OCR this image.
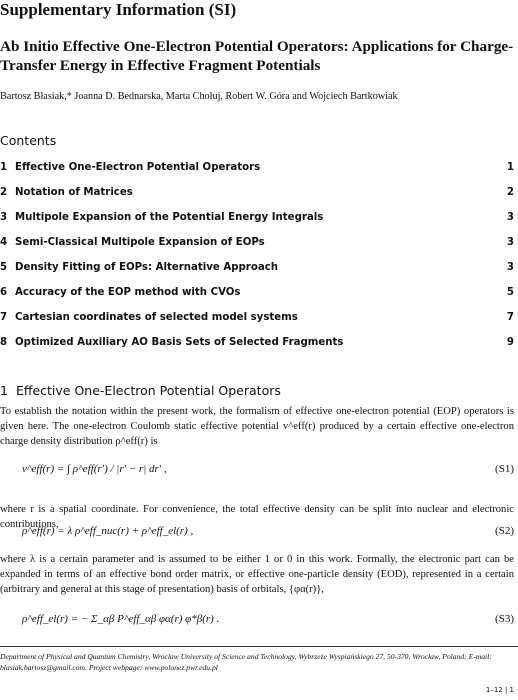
Supplementary Information (SI)
Ab Initio Effective One-Electron Potential Operators: Applications for Charge-Transfer Energy in Effective Fragment Potentials
Bartosz Błasiak,* Joanna D. Bednarska, Marta Chołuj, Robert W. Góra and Wojciech Bartkowiak
Contents
1 Effective One-Electron Potential Operators	1
2 Notation of Matrices	2
3 Multipole Expansion of the Potential Energy Integrals	3
4 Semi-Classical Multipole Expansion of EOPs	3
5 Density Fitting of EOPs: Alternative Approach	3
6 Accuracy of the EOP method with CVOs	5
7 Cartesian coordinates of selected model systems	7
8 Optimized Auxiliary AO Basis Sets of Selected Fragments	9
1 Effective One-Electron Potential Operators
To establish the notation within the present work, the formalism of effective one-electron potential (EOP) operators is given here. The one-electron Coulomb static effective potential v^eff(r) produced by a certain effective one-electron charge density distribution ρ^eff(r) is
v^eff(r) = ∫ ρ^eff(r′) / |r′ − r| dr′ ,	(S1)
where r is a spatial coordinate. For convenience, the total effective density can be split into nuclear and electronic contributions,
ρ^eff(r) = λ ρ^eff_nuc(r) + ρ^eff_el(r) ,	(S2)
where λ is a certain parameter and is assumed to be either 1 or 0 in this work. Formally, the electronic part can be expanded in terms of an effective bond order matrix, or effective one-particle density (EOD), represented in a certain (arbitrary and general at this stage of presentation) basis of orbitals, {φα(r)},
ρ^eff_el(r) = − Σ_αβ P^eff_αβ φα(r) φ*β(r) .	(S3)
Department of Physical and Quantum Chemistry, Wroclaw University of Science and Technology, Wybrzeże Wyspiańskiego 27, 50-370, Wrocław, Poland; E-mail: blasiak.bartosz@gmail.com. Project webpage: www.polonez.pwr.edu.pl
1–12 | 1
